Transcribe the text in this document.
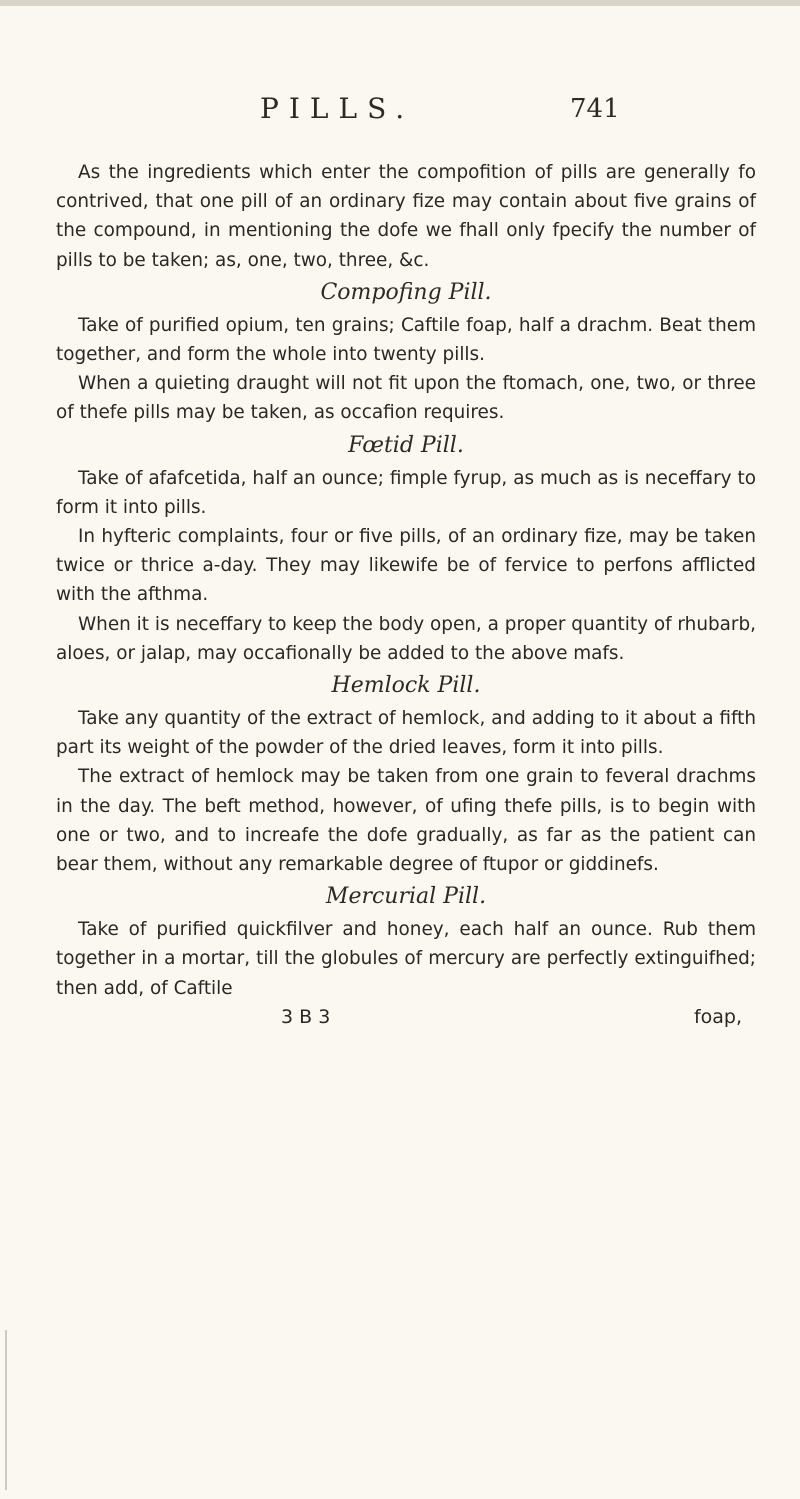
PILLS.	741

As the ingredients which enter the compofition of pills are generally fo contrived, that one pill of an ordinary fize may contain about five grains of the compound, in mentioning the dofe we fhall only fpecify the number of pills to be taken; as, one, two, three, &c.

Compofing Pill.

Take of purified opium, ten grains; Caftile foap, half a drachm. Beat them together, and form the whole into twenty pills.

When a quieting draught will not fit upon the ftomach, one, two, or three of thefe pills may be taken, as occafion requires.

Fœtid Pill.

Take of afafcetida, half an ounce; fimple fyrup, as much as is neceffary to form it into pills.

In hyfteric complaints, four or five pills, of an ordinary fize, may be taken twice or thrice a-day. They may likewife be of fervice to perfons afflicted with the afthma.

When it is neceffary to keep the body open, a proper quantity of rhubarb, aloes, or jalap, may occafionally be added to the above mafs.

Hemlock Pill.

Take any quantity of the extract of hemlock, and adding to it about a fifth part its weight of the powder of the dried leaves, form it into pills.

The extract of hemlock may be taken from one grain to feveral drachms in the day. The beft method, however, of ufing thefe pills, is to begin with one or two, and to increafe the dofe gradually, as far as the patient can bear them, without any remarkable degree of ftupor or giddinefs.

Mercurial Pill.

Take of purified quickfilver and honey, each half an ounce. Rub them together in a mortar, till the globules of mercury are perfectly extinguifhed; then add, of Caftile

3 B 3	foap,
